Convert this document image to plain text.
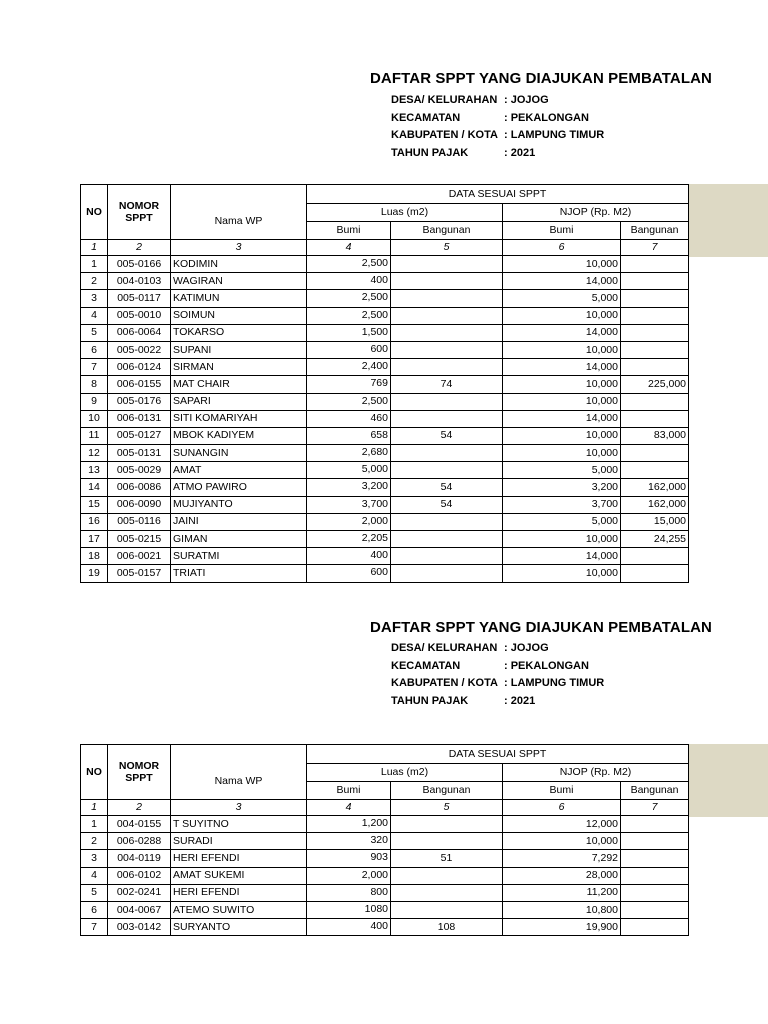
DAFTAR SPPT YANG DIAJUKAN PEMBATALAN
DESA/ KELURAHAN : JOJOG
KECAMATAN	: PEKALONGAN
KABUPATEN / KOTA : LAMPUNG TIMUR
TAHUN PAJAK	: 2021
NO	NOMOR SPPT		DATA SESUAI SPPT			
		Nama WP	Luas (m2)		NJOP (Rp. M2)	
			Bumi	Bangunan	Bumi	Bangunan
1	2	3	4	5	6	7
1	005-0166	KODIMIN	2,500		10,000	
2	004-0103	WAGIRAN	400		14,000	
3	005-0117	KATIMUN	2,500		5,000	
4	005-0010	SOIMUN	2,500		10,000	
5	006-0064	TOKARSO	1,500		14,000	
6	005-0022	SUPANI	600		10,000	
7	006-0124	SIRMAN	2,400		14,000	
8	006-0155	MAT CHAIR	769	74	10,000	225,000
9	005-0176	SAPARI	2,500		10,000	
10	006-0131	SITI KOMARIYAH	460		14,000	
11	005-0127	MBOK KADIYEM	658	54	10,000	83,000
12	005-0131	SUNANGIN	2,680		10,000	
13	005-0029	AMAT	5,000		5,000	
14	006-0086	ATMO PAWIRO	3,200	54	3,200	162,000
15	006-0090	MUJIYANTO	3,700	54	3,700	162,000
16	005-0116	JAINI	2,000		5,000	15,000
17	005-0215	GIMAN	2,205		10,000	24,255
18	006-0021	SURATMI	400		14,000	
19	005-0157	TRIATI	600		10,000	
DAFTAR SPPT YANG DIAJUKAN PEMBATALAN
DESA/ KELURAHAN : JOJOG
KECAMATAN	: PEKALONGAN
KABUPATEN / KOTA : LAMPUNG TIMUR
TAHUN PAJAK	: 2021
NO	NOMOR SPPT		DATA SESUAI SPPT			
		Nama WP	Luas (m2)		NJOP (Rp. M2)	
			Bumi	Bangunan	Bumi	Bangunan
1	2	3	4	5	6	7
1	004-0155	T SUYITNO	1,200		12,000	
2	006-0288	SURADI	320		10,000	
3	004-0119	HERI EFENDI	903	51	7,292	
4	006-0102	AMAT SUKEMI	2,000		28,000	
5	002-0241	HERI EFENDI	800		11,200	
6	004-0067	ATEMO SUWITO	1080		10,800	
7	003-0142	SURYANTO	400	108	19,900	
